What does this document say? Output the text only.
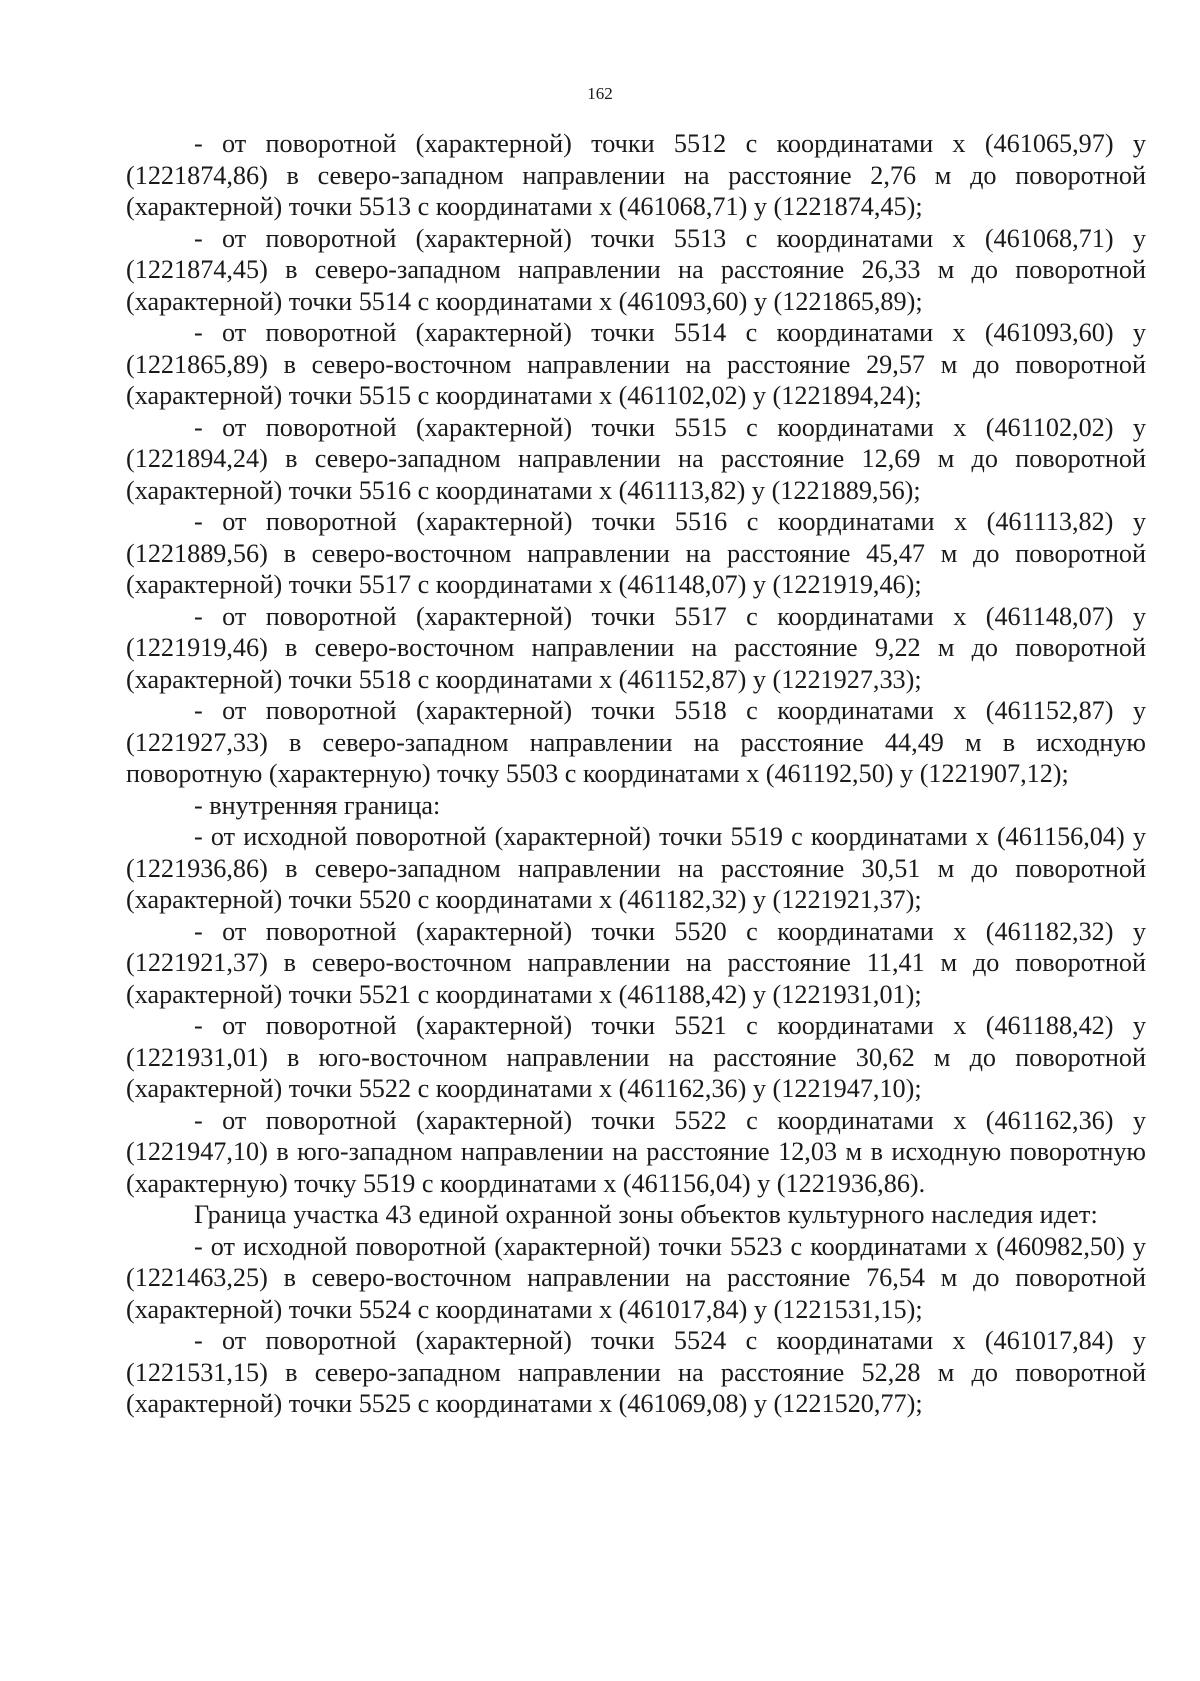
162

- от поворотной (характерной) точки 5512 с координатами х (461065,97) у (1221874,86) в северо-западном направлении на расстояние 2,76 м до поворотной (характерной) точки 5513 с координатами х (461068,71) у (1221874,45);

- от поворотной (характерной) точки 5513 с координатами х (461068,71) у (1221874,45) в северо-западном направлении на расстояние 26,33 м до поворотной (характерной) точки 5514 с координатами х (461093,60) у (1221865,89);

- от поворотной (характерной) точки 5514 с координатами х (461093,60) у (1221865,89) в северо-восточном направлении на расстояние 29,57 м до поворотной (характерной) точки 5515 с координатами х (461102,02) у (1221894,24);

- от поворотной (характерной) точки 5515 с координатами х (461102,02) у (1221894,24) в северо-западном направлении на расстояние 12,69 м до поворотной (характерной) точки 5516 с координатами х (461113,82) у (1221889,56);

- от поворотной (характерной) точки 5516 с координатами х (461113,82) у (1221889,56) в северо-восточном направлении на расстояние 45,47 м до поворотной (характерной) точки 5517 с координатами х (461148,07) у (1221919,46);

- от поворотной (характерной) точки 5517 с координатами х (461148,07) у (1221919,46) в северо-восточном направлении на расстояние 9,22 м до поворотной (характерной) точки 5518 с координатами х (461152,87) у (1221927,33);

- от поворотной (характерной) точки 5518 с координатами х (461152,87) у (1221927,33) в северо-западном направлении на расстояние 44,49 м в исходную поворотную (характерную) точку 5503 с координатами х (461192,50) у (1221907,12);

- внутренняя граница:

- от исходной поворотной (характерной) точки 5519 с координатами х (461156,04) у (1221936,86) в северо-западном направлении на расстояние 30,51 м до поворотной (характерной) точки 5520 с координатами х (461182,32) у (1221921,37);

- от поворотной (характерной) точки 5520 с координатами х (461182,32) у (1221921,37) в северо-восточном направлении на расстояние 11,41 м до поворотной (характерной) точки 5521 с координатами х (461188,42) у (1221931,01);

- от поворотной (характерной) точки 5521 с координатами х (461188,42) у (1221931,01) в юго-восточном направлении на расстояние 30,62 м до поворотной (характерной) точки 5522 с координатами х (461162,36) у (1221947,10);

- от поворотной (характерной) точки 5522 с координатами х (461162,36) у (1221947,10) в юго-западном направлении на расстояние 12,03 м в исходную поворотную (характерную) точку 5519 с координатами х (461156,04) у (1221936,86).

Граница участка 43 единой охранной зоны объектов культурного наследия идет:

- от исходной поворотной (характерной) точки 5523 с координатами х (460982,50) у (1221463,25) в северо-восточном направлении на расстояние 76,54 м до поворотной (характерной) точки 5524 с координатами х (461017,84) у (1221531,15);

- от поворотной (характерной) точки 5524 с координатами х (461017,84) у (1221531,15) в северо-западном направлении на расстояние 52,28 м до поворотной (характерной) точки 5525 с координатами х (461069,08) у (1221520,77);
